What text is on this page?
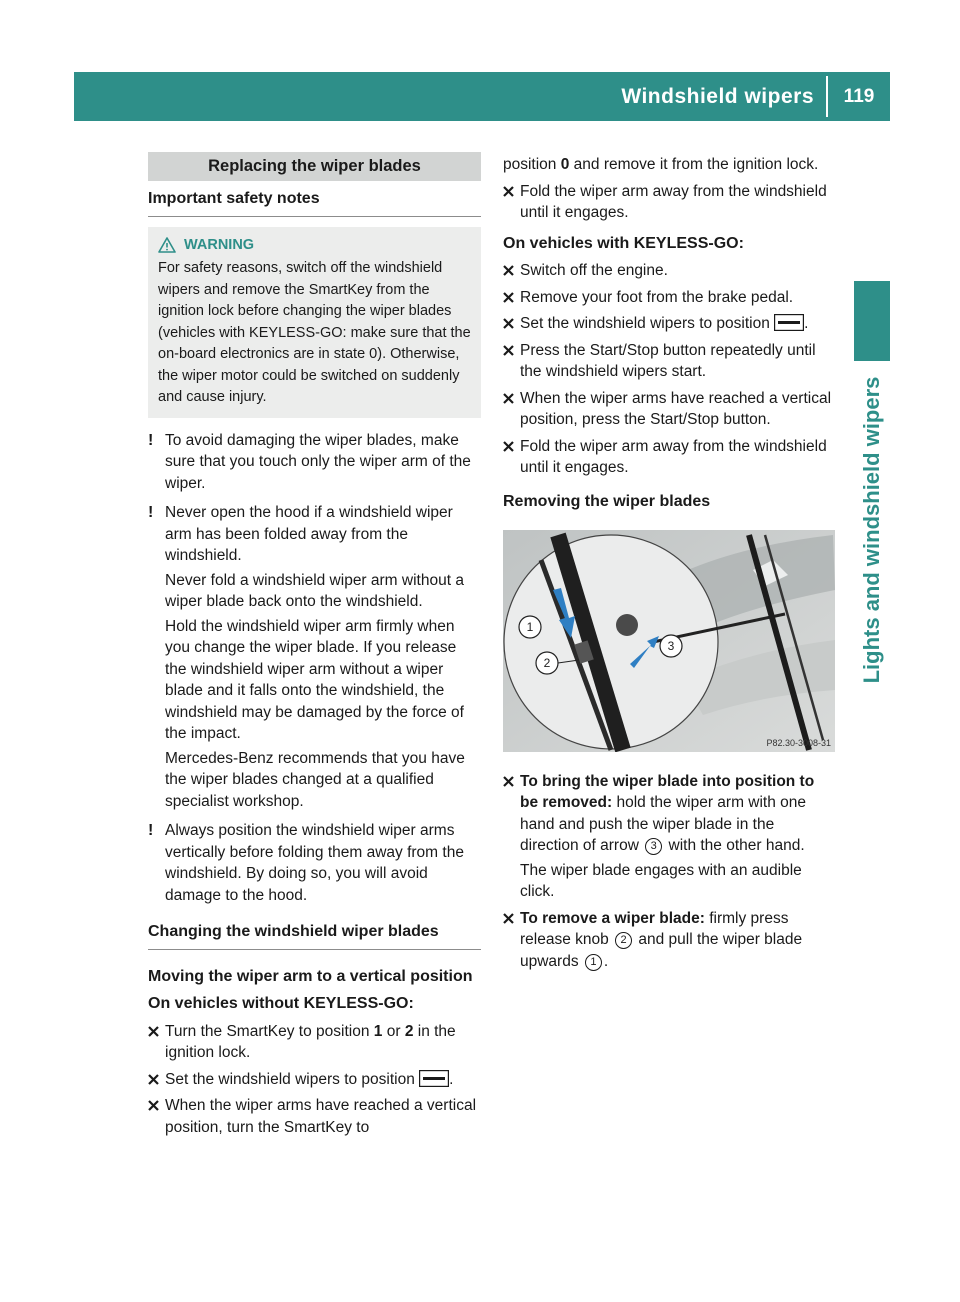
Windshield wipers	119
Lights and windshield wipers
Replacing the wiper blades
Important safety notes
WARNING
For safety reasons, switch off the windshield wipers and remove the SmartKey from the ignition lock before changing the wiper blades (vehicles with KEYLESS-GO: make sure that the on-board electronics are in state 0). Otherwise, the wiper motor could be switched on suddenly and cause injury.
! To avoid damaging the wiper blades, make sure that you touch only the wiper arm of the wiper.

! Never open the hood if a windshield wiper arm has been folded away from the windshield.

Never fold a windshield wiper arm without a wiper blade back onto the windshield.

Hold the windshield wiper arm firmly when you change the wiper blade. If you release the windshield wiper arm without a wiper blade and it falls onto the windshield, the windshield may be damaged by the force of the impact.

Mercedes-Benz recommends that you have the wiper blades changed at a qualified specialist workshop.

! Always position the windshield wiper arms vertically before folding them away from the windshield. By doing so, you will avoid damage to the hood.

Changing the windshield wiper blades
Moving the wiper arm to a vertical position
On vehicles without KEYLESS-GO:
Turn the SmartKey to position 1 or 2 in the ignition lock.
Set the windshield wipers to position .
When the wiper arms have reached a vertical position, turn the SmartKey to
position 0 and remove it from the ignition lock.
Fold the wiper arm away from the windshield until it engages.
On vehicles with KEYLESS-GO:
Switch off the engine.
Remove your foot from the brake pedal.
Set the windshield wipers to position .
Press the Start/Stop button repeatedly until the windshield wipers start.
When the wiper arms have reached a vertical position, press the Start/Stop button.
Fold the wiper arm away from the windshield until it engages.
Removing the wiper blades
1
2
3
P82.30-3008-31
To bring the wiper blade into position to be removed: hold the wiper arm with one hand and push the wiper blade in the direction of arrow 3 with the other hand.
The wiper blade engages with an audible click.
To remove a wiper blade: firmly press release knob 2 and pull the wiper blade upwards 1 .
